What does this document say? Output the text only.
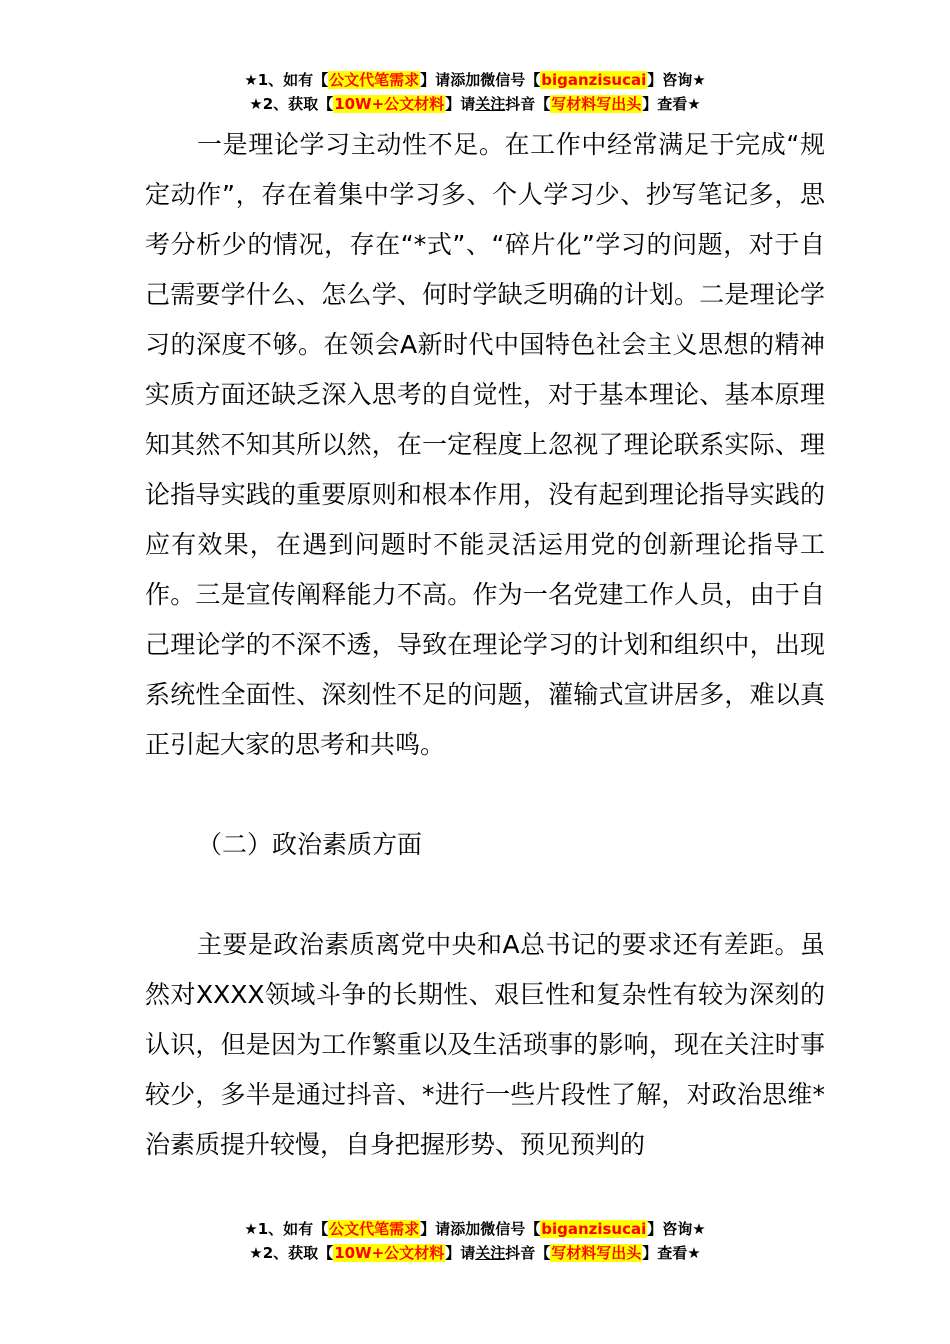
★1、如有【公文代笔需求】请添加微信号【biganzisucai】咨询★
★2、获取【10W+公文材料】请关注抖音【写材料写出头】查看★

一是理论学习主动性不足。在工作中经常满足于完成“规定动作”，存在着集中学习多、个人学习少、抄写笔记多，思考分析少的情况，存在“*式”、“碎片化”学习的问题，对于自己需要学什么、怎么学、何时学缺乏明确的计划。二是理论学习的深度不够。在领会A新时代中国特色社会主义思想的精神实质方面还缺乏深入思考的自觉性，对于基本理论、基本原理知其然不知其所以然，在一定程度上忽视了理论联系实际、理论指导实践的重要原则和根本作用，没有起到理论指导实践的应有效果，在遇到问题时不能灵活运用党的创新理论指导工作。三是宣传阐释能力不高。作为一名党建工作人员，由于自己理论学的不深不透，导致在理论学习的计划和组织中，出现系统性全面性、深刻性不足的问题，灌输式宣讲居多，难以真正引起大家的思考和共鸣。

（二）政治素质方面

主要是政治素质离党中央和A总书记的要求还有差距。虽然对XXXX领域斗争的长期性、艰巨性和复杂性有较为深刻的认识，但是因为工作繁重以及生活琐事的影响，现在关注时事较少，多半是通过抖音、*进行一些片段性了解，对政治思维*治素质提升较慢，自身把握形势、预见预判的

★1、如有【公文代笔需求】请添加微信号【biganzisucai】咨询★
★2、获取【10W+公文材料】请关注抖音【写材料写出头】查看★
